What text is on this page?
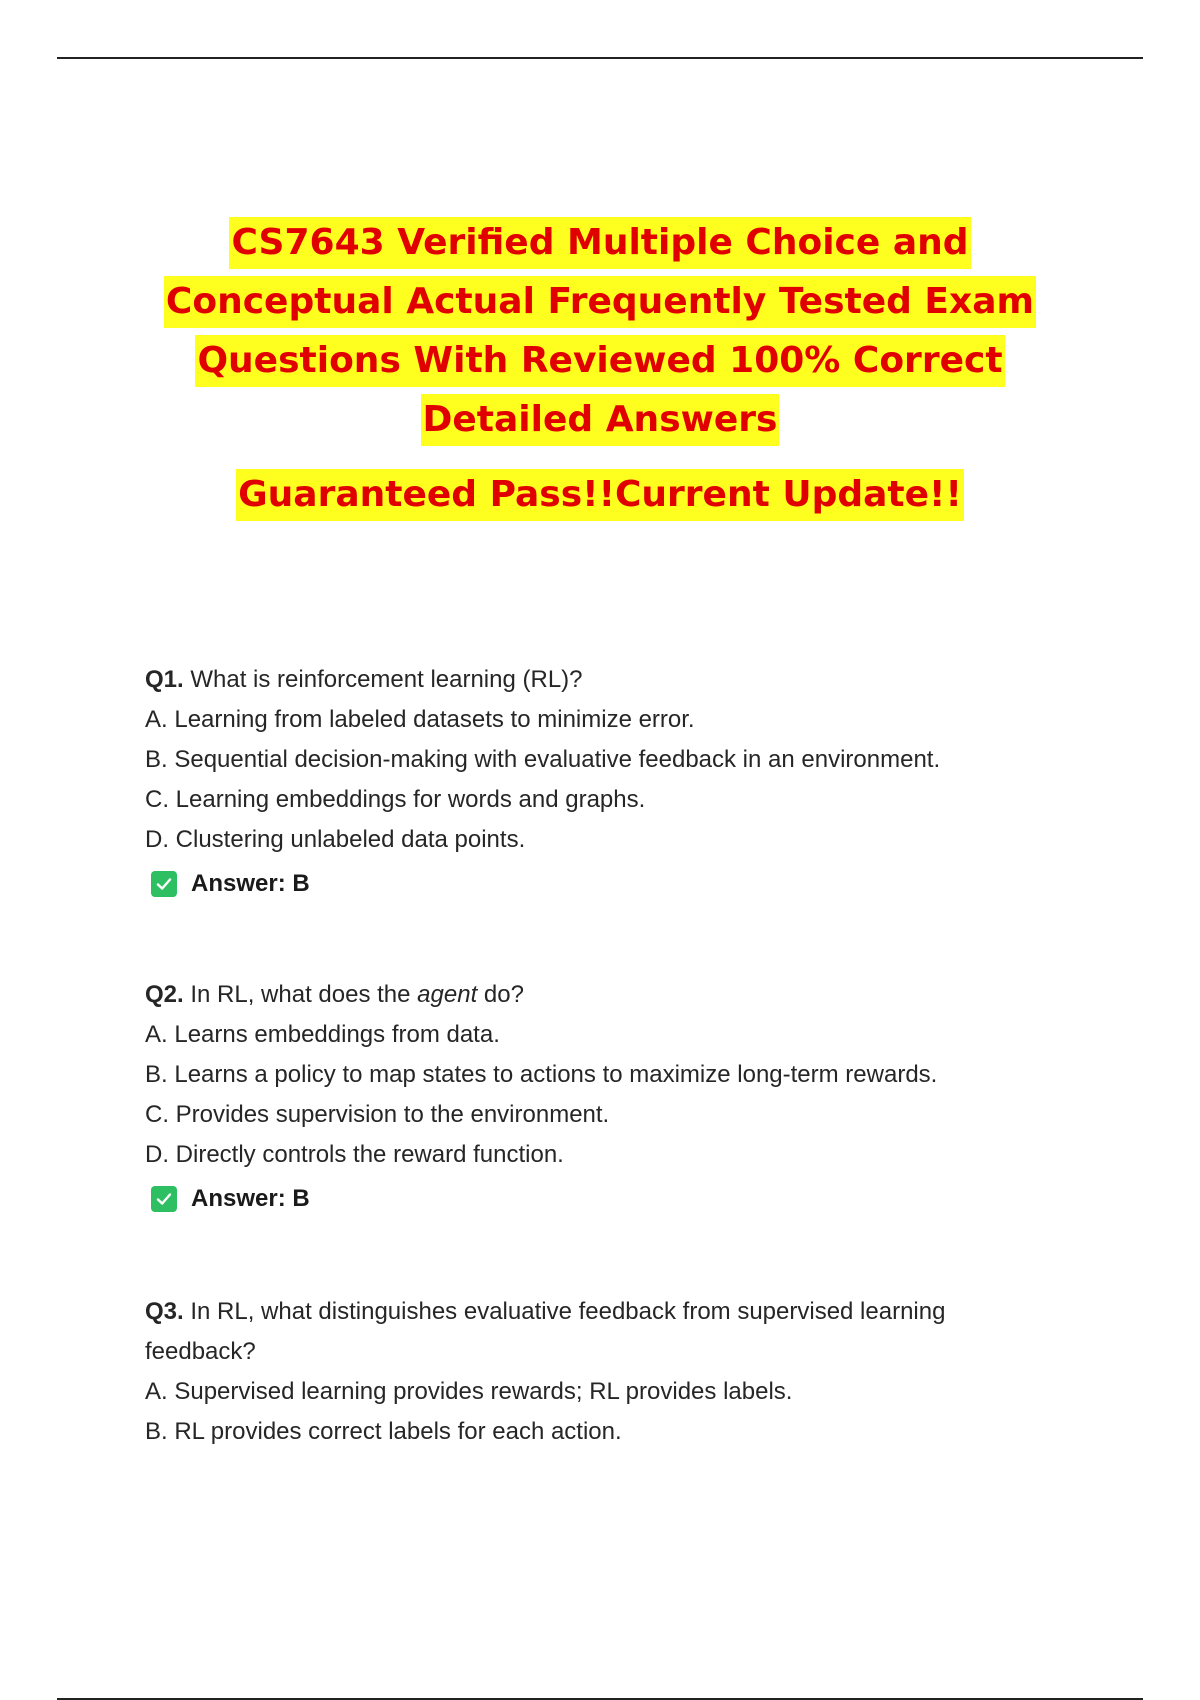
CS7643 Verified Multiple Choice and
Conceptual Actual Frequently Tested Exam
Questions With Reviewed 100% Correct
Detailed Answers
Guaranteed Pass!!Current Update!!
Q1. What is reinforcement learning (RL)?
A. Learning from labeled datasets to minimize error.
B. Sequential decision-making with evaluative feedback in an environment.
C. Learning embeddings for words and graphs.
D. Clustering unlabeled data points.
Answer: B
Q2. In RL, what does the agent do?
A. Learns embeddings from data.
B. Learns a policy to map states to actions to maximize long-term rewards.
C. Provides supervision to the environment.
D. Directly controls the reward function.
Answer: B
Q3. In RL, what distinguishes evaluative feedback from supervised learning feedback?
A. Supervised learning provides rewards; RL provides labels.
B. RL provides correct labels for each action.
